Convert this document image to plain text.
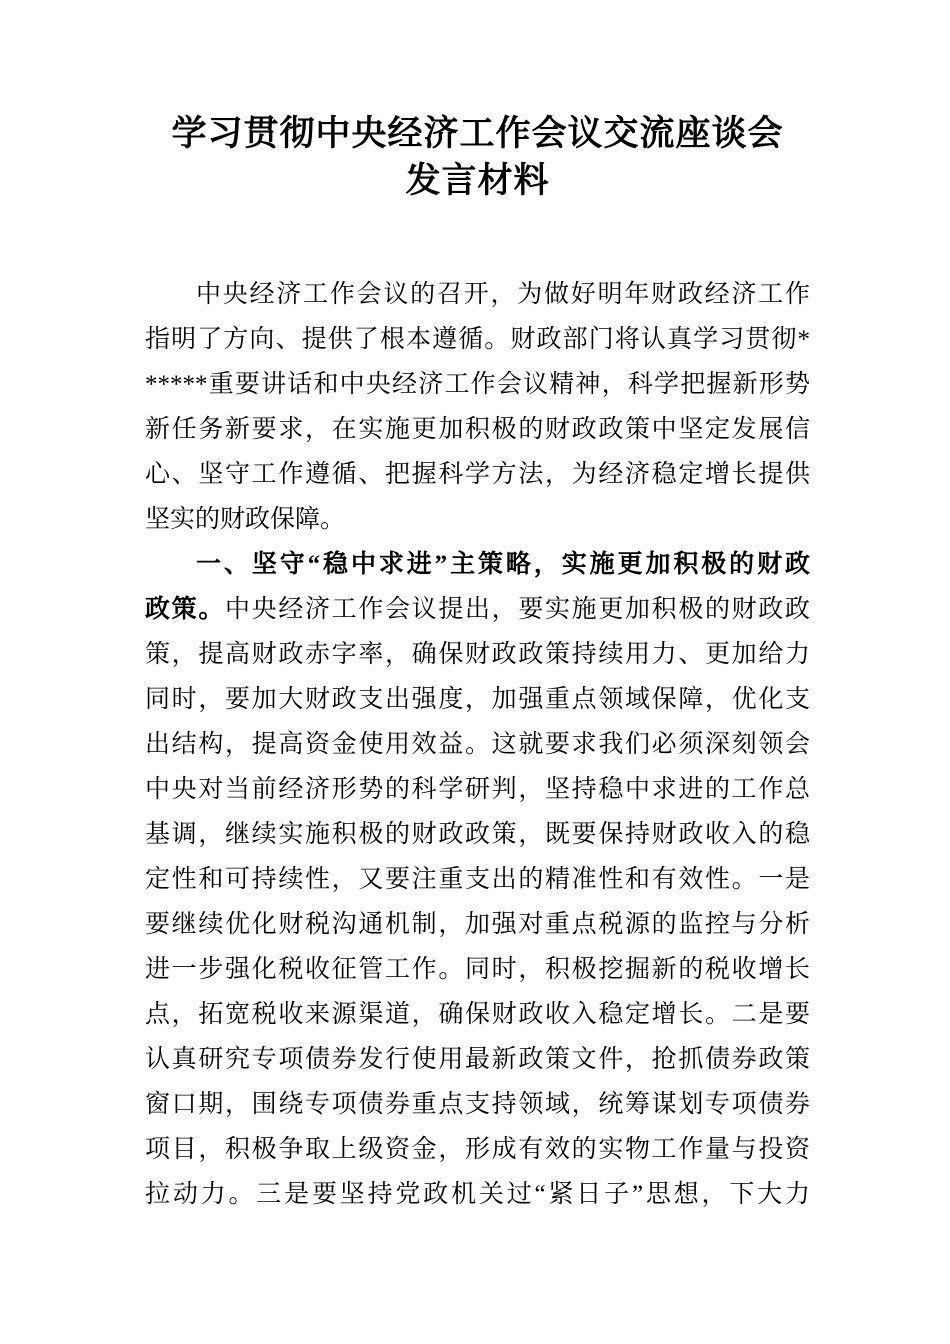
学习贯彻中央经济工作会议交流座谈会
发言材料
中央经济工作会议的召开，为做好明年财政经济工作
指明了方向、提供了根本遵循。财政部门将认真学习贯彻*
*****重要讲话和中央经济工作会议精神，科学把握新形势
新任务新要求，在实施更加积极的财政政策中坚定发展信
心、坚守工作遵循、把握科学方法，为经济稳定增长提供
坚实的财政保障。
一、坚守“稳中求进”主策略，实施更加积极的财政
政策。中央经济工作会议提出，要实施更加积极的财政政
策，提高财政赤字率，确保财政政策持续用力、更加给力
同时，要加大财政支出强度，加强重点领域保障，优化支
出结构，提高资金使用效益。这就要求我们必须深刻领会
中央对当前经济形势的科学研判，坚持稳中求进的工作总
基调，继续实施积极的财政政策，既要保持财政收入的稳
定性和可持续性，又要注重支出的精准性和有效性。一是
要继续优化财税沟通机制，加强对重点税源的监控与分析
进一步强化税收征管工作。同时，积极挖掘新的税收增长
点，拓宽税收来源渠道，确保财政收入稳定增长。二是要
认真研究专项债券发行使用最新政策文件，抢抓债券政策
窗口期，围绕专项债券重点支持领域，统筹谋划专项债券
项目，积极争取上级资金，形成有效的实物工作量与投资
拉动力。三是要坚持党政机关过“紧日子”思想，下大力
